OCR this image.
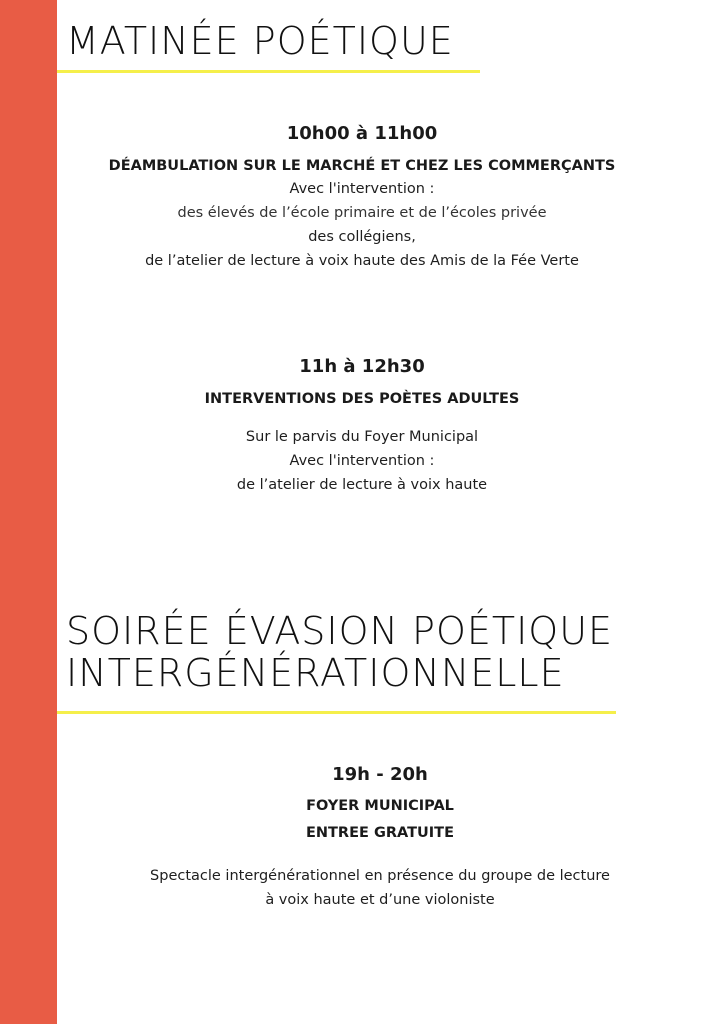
MATINÉE POÉTIQUE

10h00 à 11h00

DÉAMBULATION SUR LE MARCHÉ ET CHEZ LES COMMERÇANTS

Avec l'intervention :

des élevés de l’école primaire et de l’écoles privée

des collégiens,

de l’atelier de lecture à voix haute des Amis de la Fée Verte

11h à 12h30

INTERVENTIONS DES POÈTES ADULTES

Sur le parvis du Foyer Municipal

Avec l'intervention :

de l’atelier de lecture à voix haute

SOIRÉE ÉVASION POÉTIQUE
INTERGÉNÉRATIONNELLE

19h - 20h

FOYER MUNICIPAL

ENTREE GRATUITE

Spectacle intergénérationnel en présence du groupe de lecture

à voix haute et d’une violoniste
